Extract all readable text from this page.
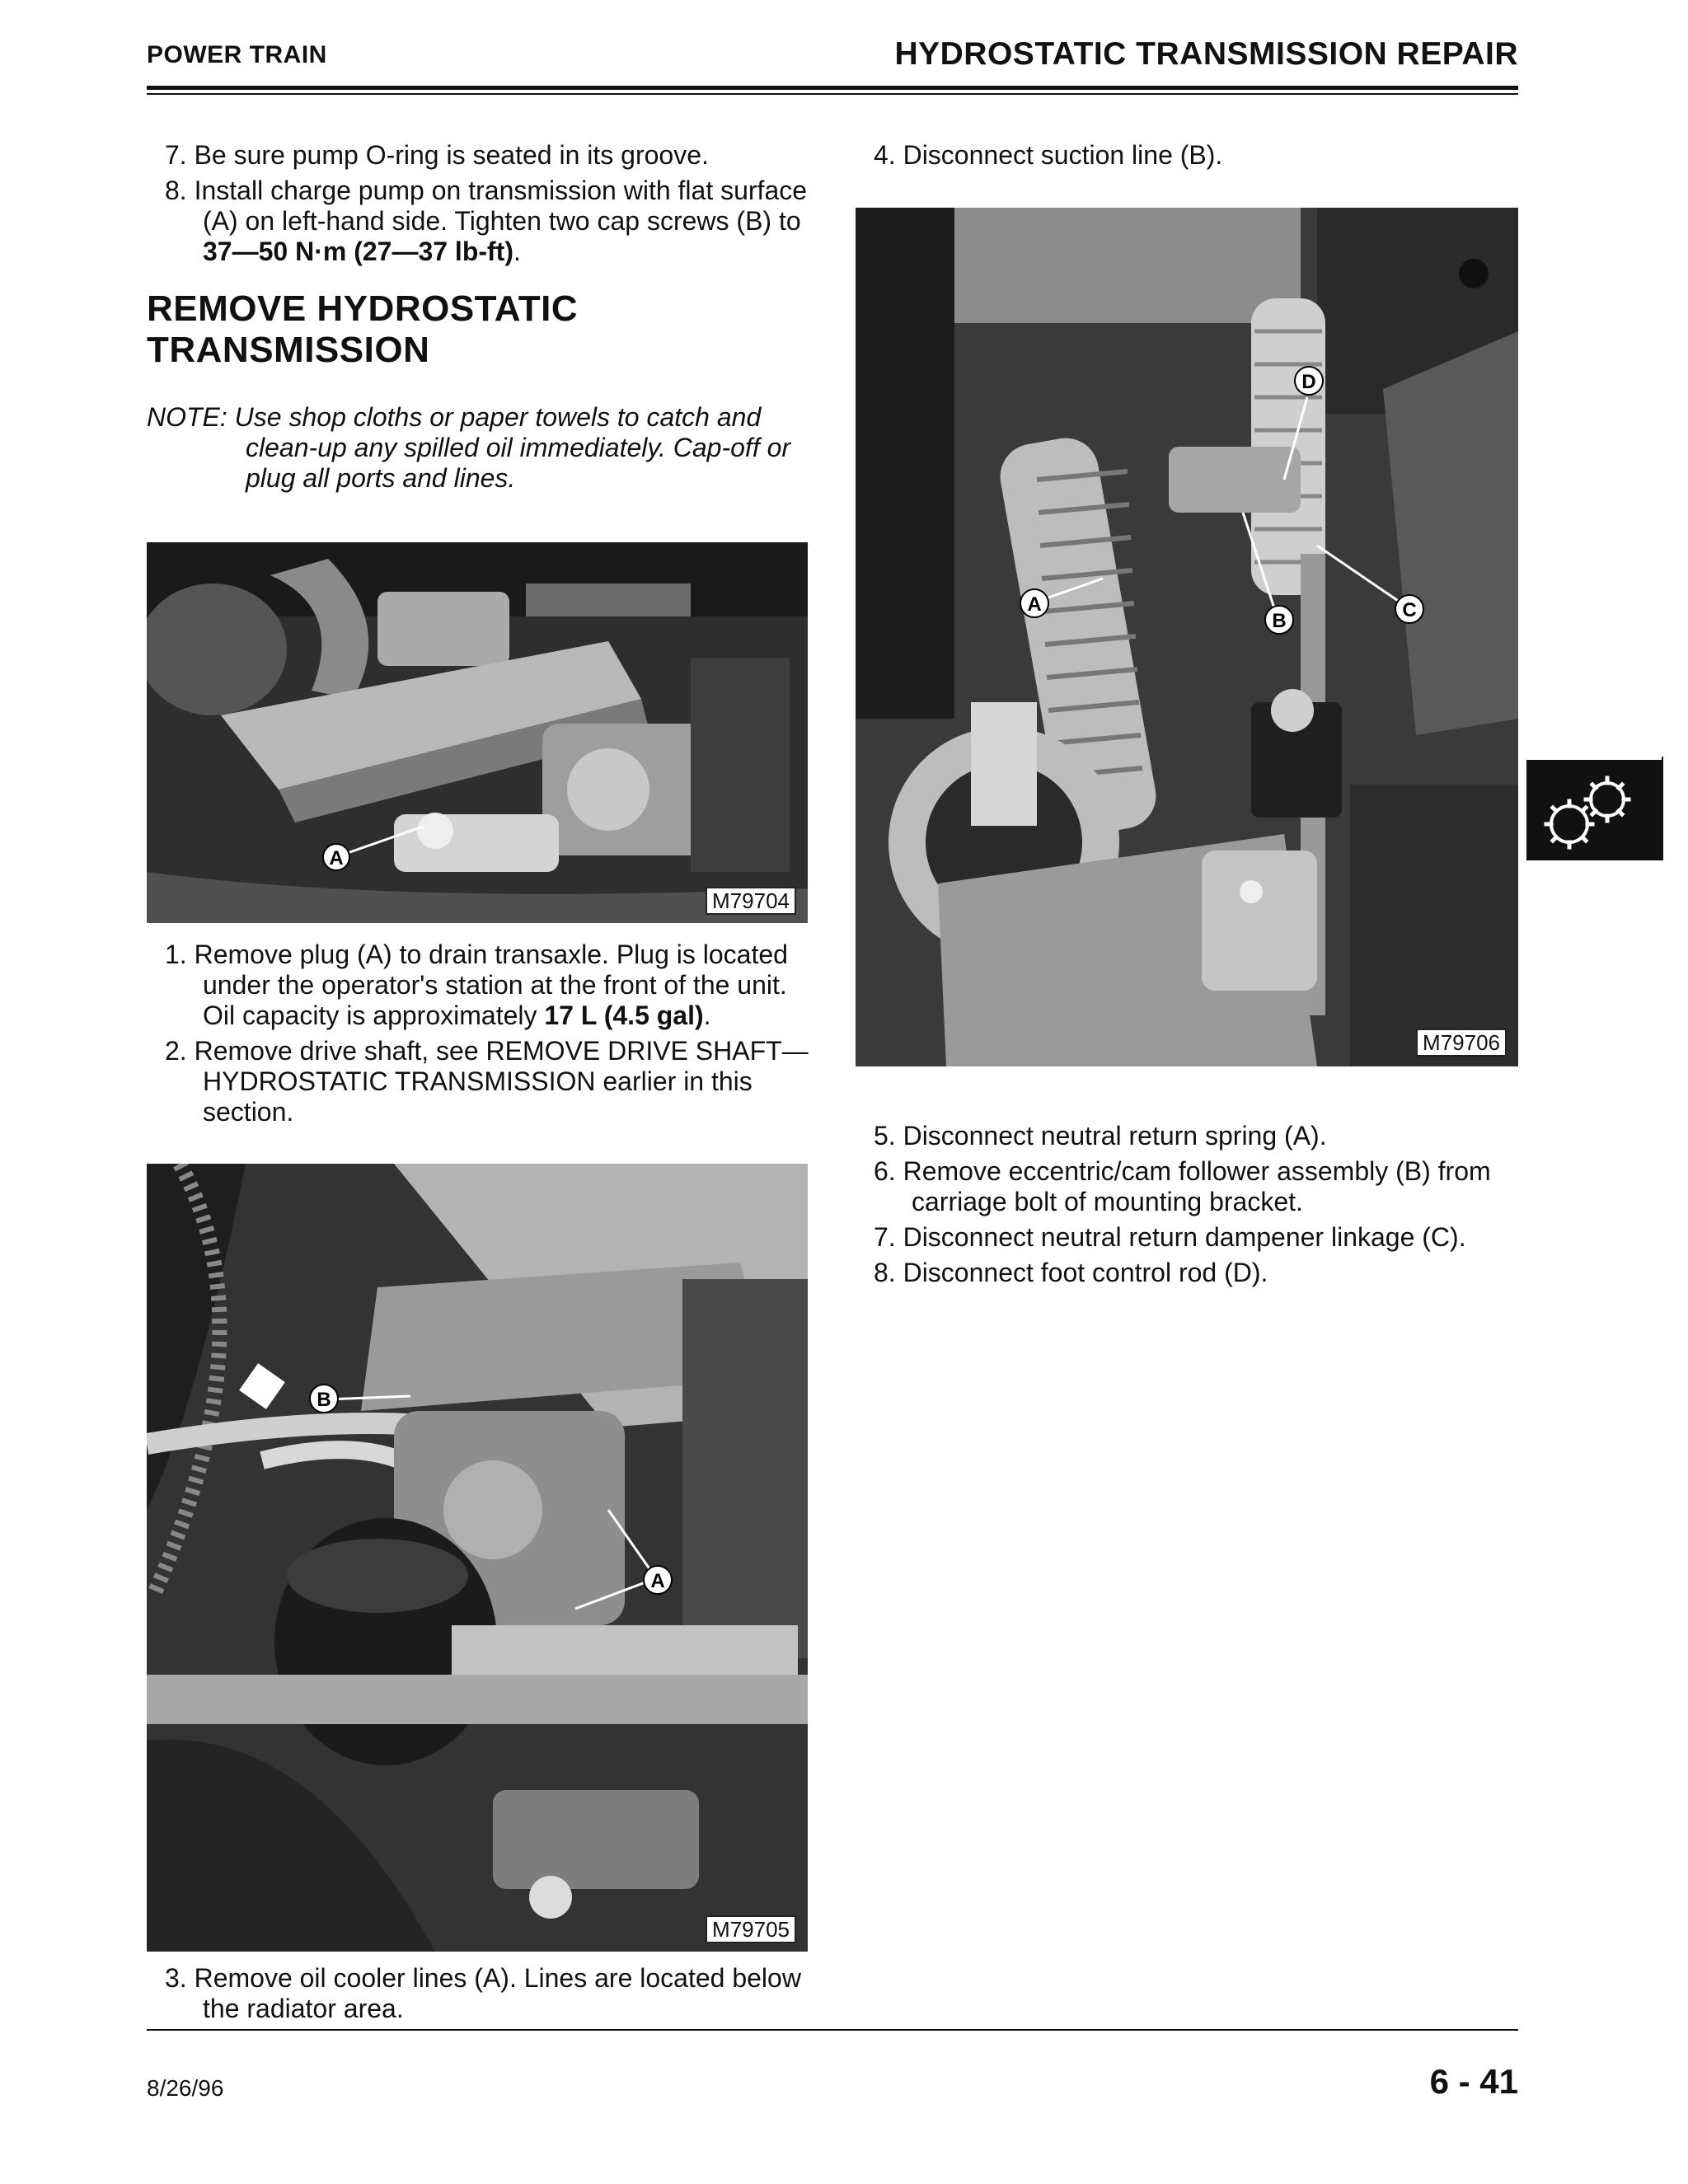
POWER TRAIN	HYDROSTATIC TRANSMISSION REPAIR
7. Be sure pump O-ring is seated in its groove.
8. Install charge pump on transmission with flat surface (A) on left-hand side. Tighten two cap screws (B) to 37—50 N·m (27—37 lb-ft).
REMOVE HYDROSTATIC TRANSMISSION
NOTE: Use shop cloths or paper towels to catch and clean-up any spilled oil immediately. Cap-off or plug all ports and lines.
A
M79704
1. Remove plug (A) to drain transaxle. Plug is located under the operator's station at the front of the unit. Oil capacity is approximately 17 L (4.5 gal).
2. Remove drive shaft, see REMOVE DRIVE SHAFT—HYDROSTATIC TRANSMISSION earlier in this section.
B
A
M79705
3. Remove oil cooler lines (A). Lines are located below the radiator area.
4. Disconnect suction line (B).
A
D
B	C
M79706
5. Disconnect neutral return spring (A).
6. Remove eccentric/cam follower assembly (B) from carriage bolt of mounting bracket.
7. Disconnect neutral return dampener linkage (C).
8. Disconnect foot control rod (D).
8/26/96	6 - 41
